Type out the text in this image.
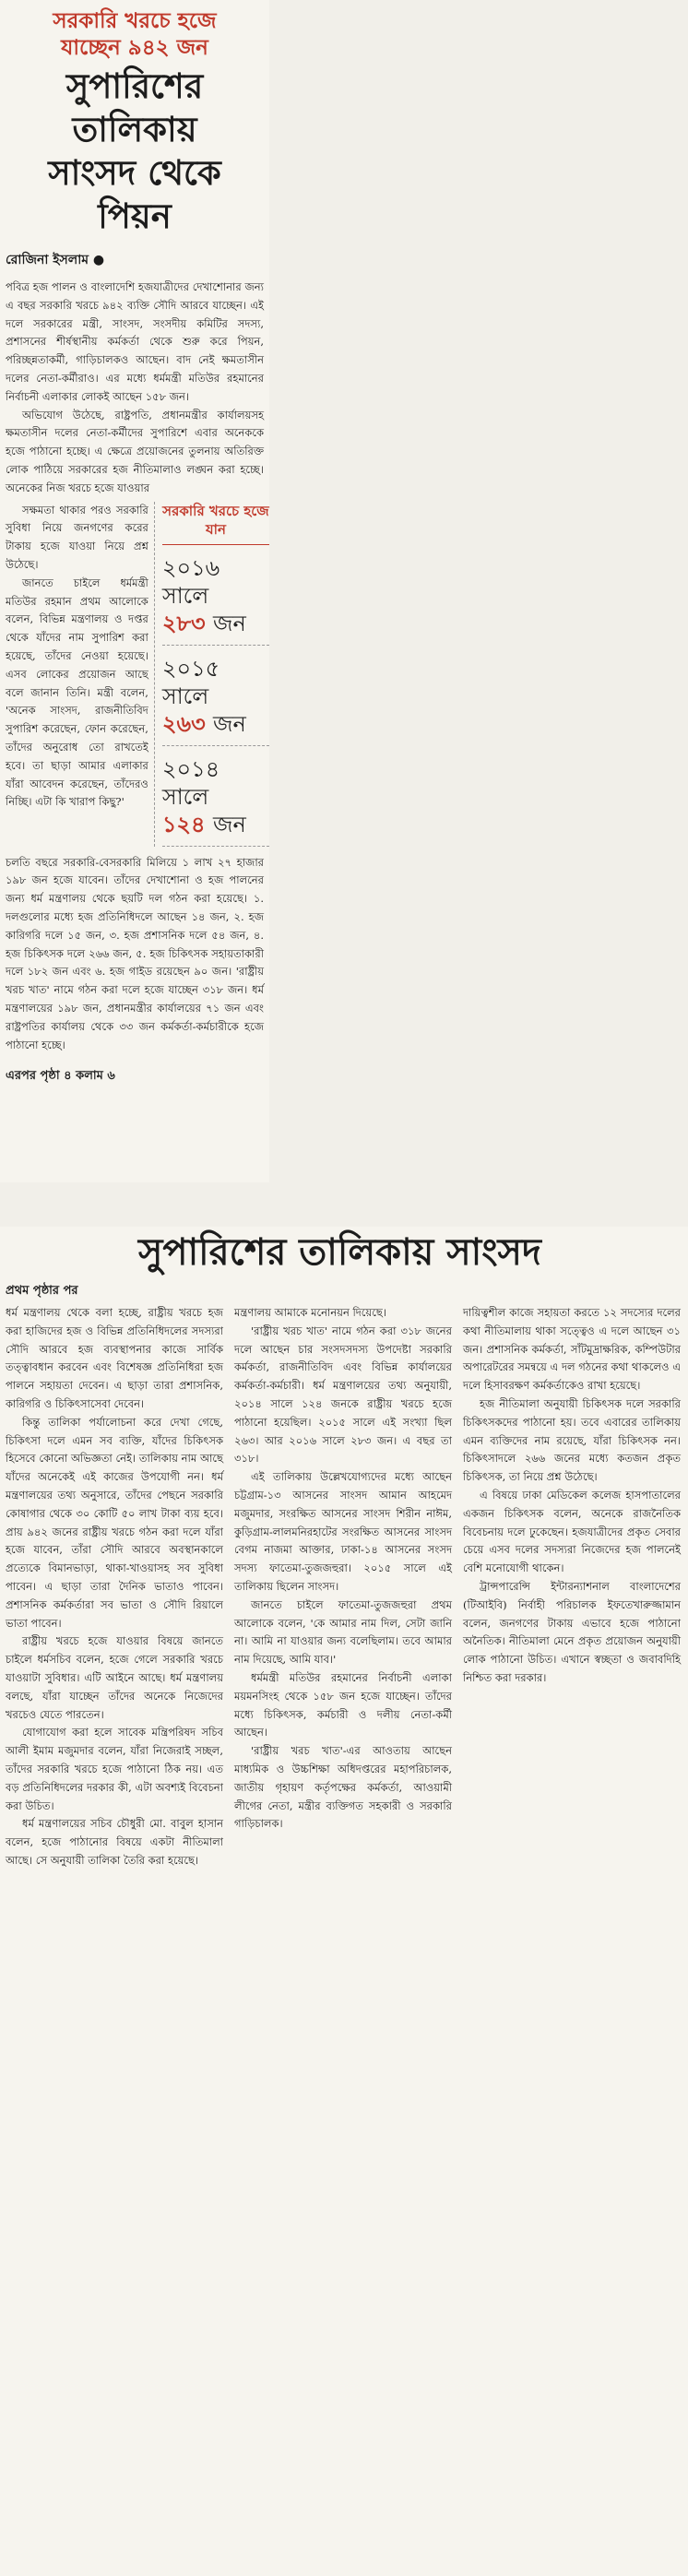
সরকারি খরচে হজে
যাচ্ছেন ৯৪২ জন
সুপারিশের তালিকায়
সাংসদ থেকে পিয়ন
রোজিনা ইসলাম ●

পবিত্র হজ পালন ও বাংলাদেশি হজযাত্রীদের দেখাশোনার জন্য এ বছর সরকারি খরচে ৯৪২ ব্যক্তি সৌদি আরবে যাচ্ছেন। এই দলে সরকারের মন্ত্রী, সাংসদ, সংসদীয় কমিটির সদস্য, প্রশাসনের শীর্ষস্থানীয় কর্মকর্তা থেকে শুরু করে পিয়ন, পরিচ্ছন্নতাকর্মী, গাড়িচালকও আছেন। বাদ নেই ক্ষমতাসীন দলের নেতা-কর্মীরাও। এর মধ্যে ধর্মমন্ত্রী মতিউর রহমানের নির্বাচনী এলাকার লোকই আছেন ১৫৮ জন।

অভিযোগ উঠেছে, রাষ্ট্রপতি, প্রধানমন্ত্রীর কার্যালয়সহ ক্ষমতাসীন দলের নেতা-কর্মীদের সুপারিশে এবার অনেককে হজে পাঠানো হচ্ছে। এ ক্ষেত্রে প্রয়োজনের তুলনায় অতিরিক্ত লোক পাঠিয়ে সরকারের হজ নীতিমালাও লঙ্ঘন করা হচ্ছে। অনেকের নিজ খরচে হজে যাওয়ার

সক্ষমতা থাকার পরও সরকারি সুবিধা নিয়ে জনগণের করের টাকায় হজে যাওয়া নিয়ে প্রশ্ন উঠেছে।

জানতে চাইলে ধর্মমন্ত্রী মতিউর রহমান প্রথম আলোকে বলেন, বিভিন্ন মন্ত্রণালয় ও দপ্তর থেকে যাঁদের নাম সুপারিশ করা হয়েছে, তাঁদের নেওয়া হয়েছে। এসব লোকের প্রয়োজন আছে বলে জানান তিনি। মন্ত্রী বলেন, 'অনেক সাংসদ, রাজনীতিবিদ সুপারিশ করেছেন, ফোন করেছেন, তাঁদের অনুরোধ তো রাখতেই হবে। তা ছাড়া আমার এলাকার যাঁরা আবেদন করেছেন, তাঁদেরও নিচ্ছি। এটা কি খারাপ কিছু?'

সরকারি খরচে হজে যান
২০১৬ সালে
২৮৩ জন
২০১৫ সালে
২৬৩ জন
২০১৪ সালে
১২৪ জন

চলতি বছরে সরকারি-বেসরকারি মিলিয়ে ১ লাখ ২৭ হাজার ১৯৮ জন হজে যাবেন। তাঁদের দেখাশোনা ও হজ পালনের জন্য ধর্ম মন্ত্রণালয় থেকে ছয়টি দল গঠন করা হয়েছে। ১. দলগুলোর মধ্যে হজ প্রতিনিধিদলে আছেন ১৪ জন, ২. হজ কারিগরি দলে ১৫ জন, ৩. হজ প্রশাসনিক দলে ৫৪ জন, ৪. হজ চিকিৎসক দলে ২৬৬ জন, ৫. হজ চিকিৎসক সহায়তাকারী দলে ১৮২ জন এবং ৬. হজ গাইড রয়েছেন ৯০ জন। 'রাষ্ট্রীয় খরচ খাত' নামে গঠন করা দলে হজে যাচ্ছেন ৩১৮ জন। ধর্ম মন্ত্রণালয়ের ১৯৮ জন, প্রধানমন্ত্রীর কার্যালয়ের ৭১ জন এবং রাষ্ট্রপতির কার্যালয় থেকে ৩৩ জন কর্মকর্তা-কর্মচারীকে হজে পাঠানো হচ্ছে।

এরপর পৃষ্ঠা ৪ কলাম ৬
সুপারিশের তালিকায় সাংসদ
প্রথম পৃষ্ঠার পর

ধর্ম মন্ত্রণালয় থেকে বলা হচ্ছে, রাষ্ট্রীয় খরচে হজ করা হাজিদের হজ ও বিভিন্ন প্রতিনিধিদলের সদস্যরা সৌদি আরবে হজ ব্যবস্থাপনার কাজে সার্বিক তত্ত্বাবধান করবেন এবং বিশেষজ্ঞ প্রতিনিধিরা হজ পালনে সহায়তা দেবেন। এ ছাড়া তারা প্রশাসনিক, কারিগরি ও চিকিৎসাসেবা দেবেন।

কিন্তু তালিকা পর্যালোচনা করে দেখা গেছে, চিকিৎসা দলে এমন সব ব্যক্তি, যাঁদের চিকিৎসক হিসেবে কোনো অভিজ্ঞতা নেই। তালিকায় নাম আছে যাঁদের অনেকেই এই কাজের উপযোগী নন। ধর্ম মন্ত্রণালয়ের তথ্য অনুসারে, তাঁদের পেছনে সরকারি কোষাগার থেকে ৩০ কোটি ৫০ লাখ টাকা ব্যয় হবে। প্রায় ৯৪২ জনের রাষ্ট্রীয় খরচে গঠন করা দলে যাঁরা হজে যাবেন, তাঁরা সৌদি আরবে অবস্থানকালে প্রত্যেকে বিমানভাড়া, থাকা-খাওয়াসহ সব সুবিধা পাবেন। এ ছাড়া তারা দৈনিক ভাতাও পাবেন। প্রশাসনিক কর্মকর্তারা সব ভাতা ও সৌদি রিয়ালে ভাতা পাবেন।

রাষ্ট্রীয় খরচে হজে যাওয়ার বিষয়ে জানতে চাইলে ধর্মসচিব বলেন, হজে গেলে সরকারি খরচে যাওয়াটা সুবিধার। এটি আইনে আছে। ধর্ম মন্ত্রণালয় বলছে, যাঁরা যাচ্ছেন তাঁদের অনেকে নিজেদের খরচেও যেতে পারতেন।

যোগাযোগ করা হলে সাবেক মন্ত্রিপরিষদ সচিব আলী ইমাম মজুমদার বলেন, যাঁরা নিজেরাই সচ্ছল, তাঁদের সরকারি খরচে হজে পাঠানো ঠিক নয়। এত বড় প্রতিনিধিদলের দরকার কী, এটা অবশ্যই বিবেচনা করা উচিত।

ধর্ম মন্ত্রণালয়ের সচিব চৌধুরী মো. বাবুল হাসান বলেন, হজে পাঠানোর বিষয়ে একটা নীতিমালা আছে। সে অনুযায়ী তালিকা তৈরি করা হয়েছে।

মন্ত্রণালয় আমাকে মনোনয়ন দিয়েছে।

'রাষ্ট্রীয় খরচ খাত' নামে গঠন করা ৩১৮ জনের দলে আছেন চার সংসদসদস্য উপদেষ্টা সরকারি কর্মকর্তা, রাজনীতিবিদ এবং বিভিন্ন কার্যালয়ের কর্মকর্তা-কর্মচারী। ধর্ম মন্ত্রণালয়ের তথ্য অনুযায়ী, ২০১৪ সালে ১২৪ জনকে রাষ্ট্রীয় খরচে হজে পাঠানো হয়েছিল। ২০১৫ সালে এই সংখ্যা ছিল ২৬৩। আর ২০১৬ সালে ২৮৩ জন। এ বছর তা ৩১৮।

এই তালিকায় উল্লেখযোগ্যদের মধ্যে আছেন চট্টগ্রাম-১৩ আসনের সাংসদ আমান আহমেদ মজুমদার, সংরক্ষিত আসনের সাংসদ শিরীন নাঈম, কুড়িগ্রাম-লালমনিরহাটের সংরক্ষিত আসনের সাংসদ বেগম নাজমা আক্তার, ঢাকা-১৪ আসনের সংসদ সদস্য ফাতেমা-তুজজহুরা। ২০১৫ সালে এই তালিকায় ছিলেন সাংসদ।

জানতে চাইলে ফাতেমা-তুজজহুরা প্রথম আলোকে বলেন, 'কে আমার নাম দিল, সেটা জানি না। আমি না যাওয়ার জন্য বলেছিলাম। তবে আমার নাম দিয়েছে, আমি যাব।'

ধর্মমন্ত্রী মতিউর রহমানের নির্বাচনী এলাকা ময়মনসিংহ থেকে ১৫৮ জন হজে যাচ্ছেন। তাঁদের মধ্যে চিকিৎসক, কর্মচারী ও দলীয় নেতা-কর্মী আছেন।

'রাষ্ট্রীয় খরচ খাত'-এর আওতায় আছেন মাধ্যমিক ও উচ্চশিক্ষা অধিদপ্তরের মহাপরিচালক, জাতীয় গৃহায়ণ কর্তৃপক্ষের কর্মকর্তা, আওয়ামী লীগের নেতা, মন্ত্রীর ব্যক্তিগত সহকারী ও সরকারি গাড়িচালক।

দায়িত্বশীল কাজে সহায়তা করতে ১২ সদস্যের দলের কথা নীতিমালায় থাকা সত্ত্বেও এ দলে আছেন ৩১ জন। প্রশাসনিক কর্মকর্তা, সাঁটমুদ্রাক্ষরিক, কম্পিউটার অপারেটরের সমন্বয়ে এ দল গঠনের কথা থাকলেও এ দলে হিসাবরক্ষণ কর্মকর্তাকেও রাখা হয়েছে।

হজ নীতিমালা অনুযায়ী চিকিৎসক দলে সরকারি চিকিৎসকদের পাঠানো হয়। তবে এবারের তালিকায় এমন ব্যক্তিদের নাম রয়েছে, যাঁরা চিকিৎসক নন। চিকিৎসাদলে ২৬৬ জনের মধ্যে কতজন প্রকৃত চিকিৎসক, তা নিয়ে প্রশ্ন উঠেছে।

এ বিষয়ে ঢাকা মেডিকেল কলেজ হাসপাতালের একজন চিকিৎসক বলেন, অনেকে রাজনৈতিক বিবেচনায় দলে ঢুকেছেন। হজযাত্রীদের প্রকৃত সেবার চেয়ে এসব দলের সদস্যরা নিজেদের হজ পালনেই বেশি মনোযোগী থাকেন।

ট্রান্সপারেন্সি ইন্টারন্যাশনাল বাংলাদেশের (টিআইবি) নির্বাহী পরিচালক ইফতেখারুজ্জামান বলেন, জনগণের টাকায় এভাবে হজে পাঠানো অনৈতিক। নীতিমালা মেনে প্রকৃত প্রয়োজন অনুযায়ী লোক পাঠানো উচিত। এখানে স্বচ্ছতা ও জবাবদিহি নিশ্চিত করা দরকার।
